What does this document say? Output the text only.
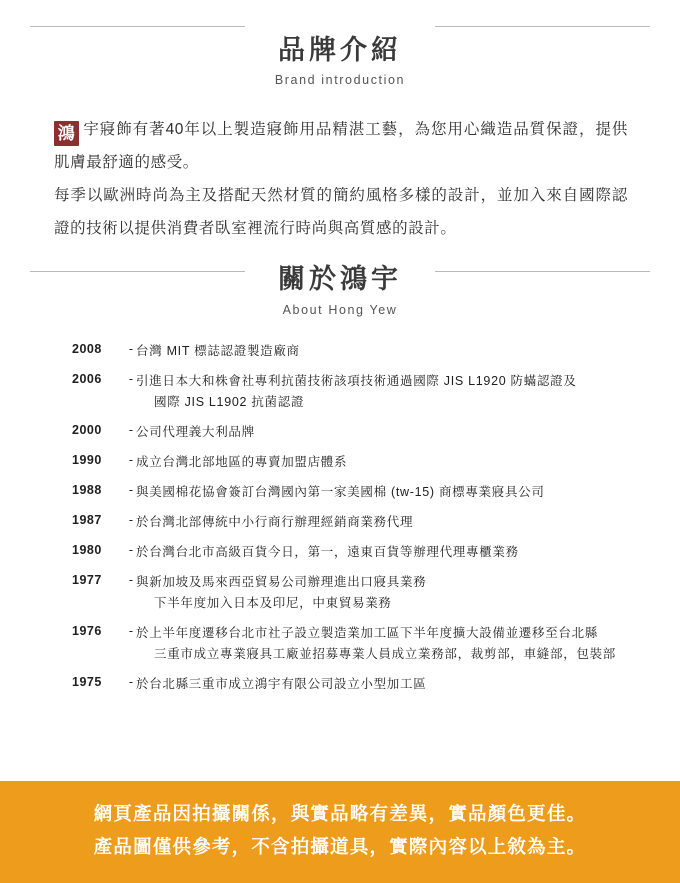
品牌介紹
Brand introduction

鴻 宇寢飾有著40年以上製造寢飾用品精湛工藝，為您用心織造品質保證，提供肌膚最舒適的感受。

每季以歐洲時尚為主及搭配天然材質的簡約風格多樣的設計，並加入來自國際認證的技術以提供消費者臥室裡流行時尚與高質感的設計。

關於鴻宇
About Hong Yew
2008	- 台灣 MIT 標誌認證製造廠商
2006	- 引進日本大和株會社專利抗菌技術該項技術通過國際 JIS L1920 防蟎認證及
國際 JIS L1902 抗菌認證
2000	- 公司代理義大利品牌
1990	- 成立台灣北部地區的專賣加盟店體系
1988	- 與美國棉花協會簽訂台灣國內第一家美國棉 (tw-15) 商標專業寢具公司
1987	- 於台灣北部傳統中小行商行辦理經銷商業務代理
1980	- 於台灣台北市高級百貨今日，第一，遠東百貨等辦理代理專櫃業務
1977	- 與新加坡及馬來西亞貿易公司辦理進出口寢具業務
下半年度加入日本及印尼，中東貿易業務
1976	- 於上半年度遷移台北市社子設立製造業加工區下半年度擴大設備並遷移至台北縣
三重市成立專業寢具工廠並招募專業人員成立業務部，裁剪部，車縫部，包裝部
1975	- 於台北縣三重市成立鴻宇有限公司設立小型加工區
網頁產品因拍攝關係，與實品略有差異，實品顏色更佳。
產品圖僅供參考，不含拍攝道具，實際內容以上敘為主。
